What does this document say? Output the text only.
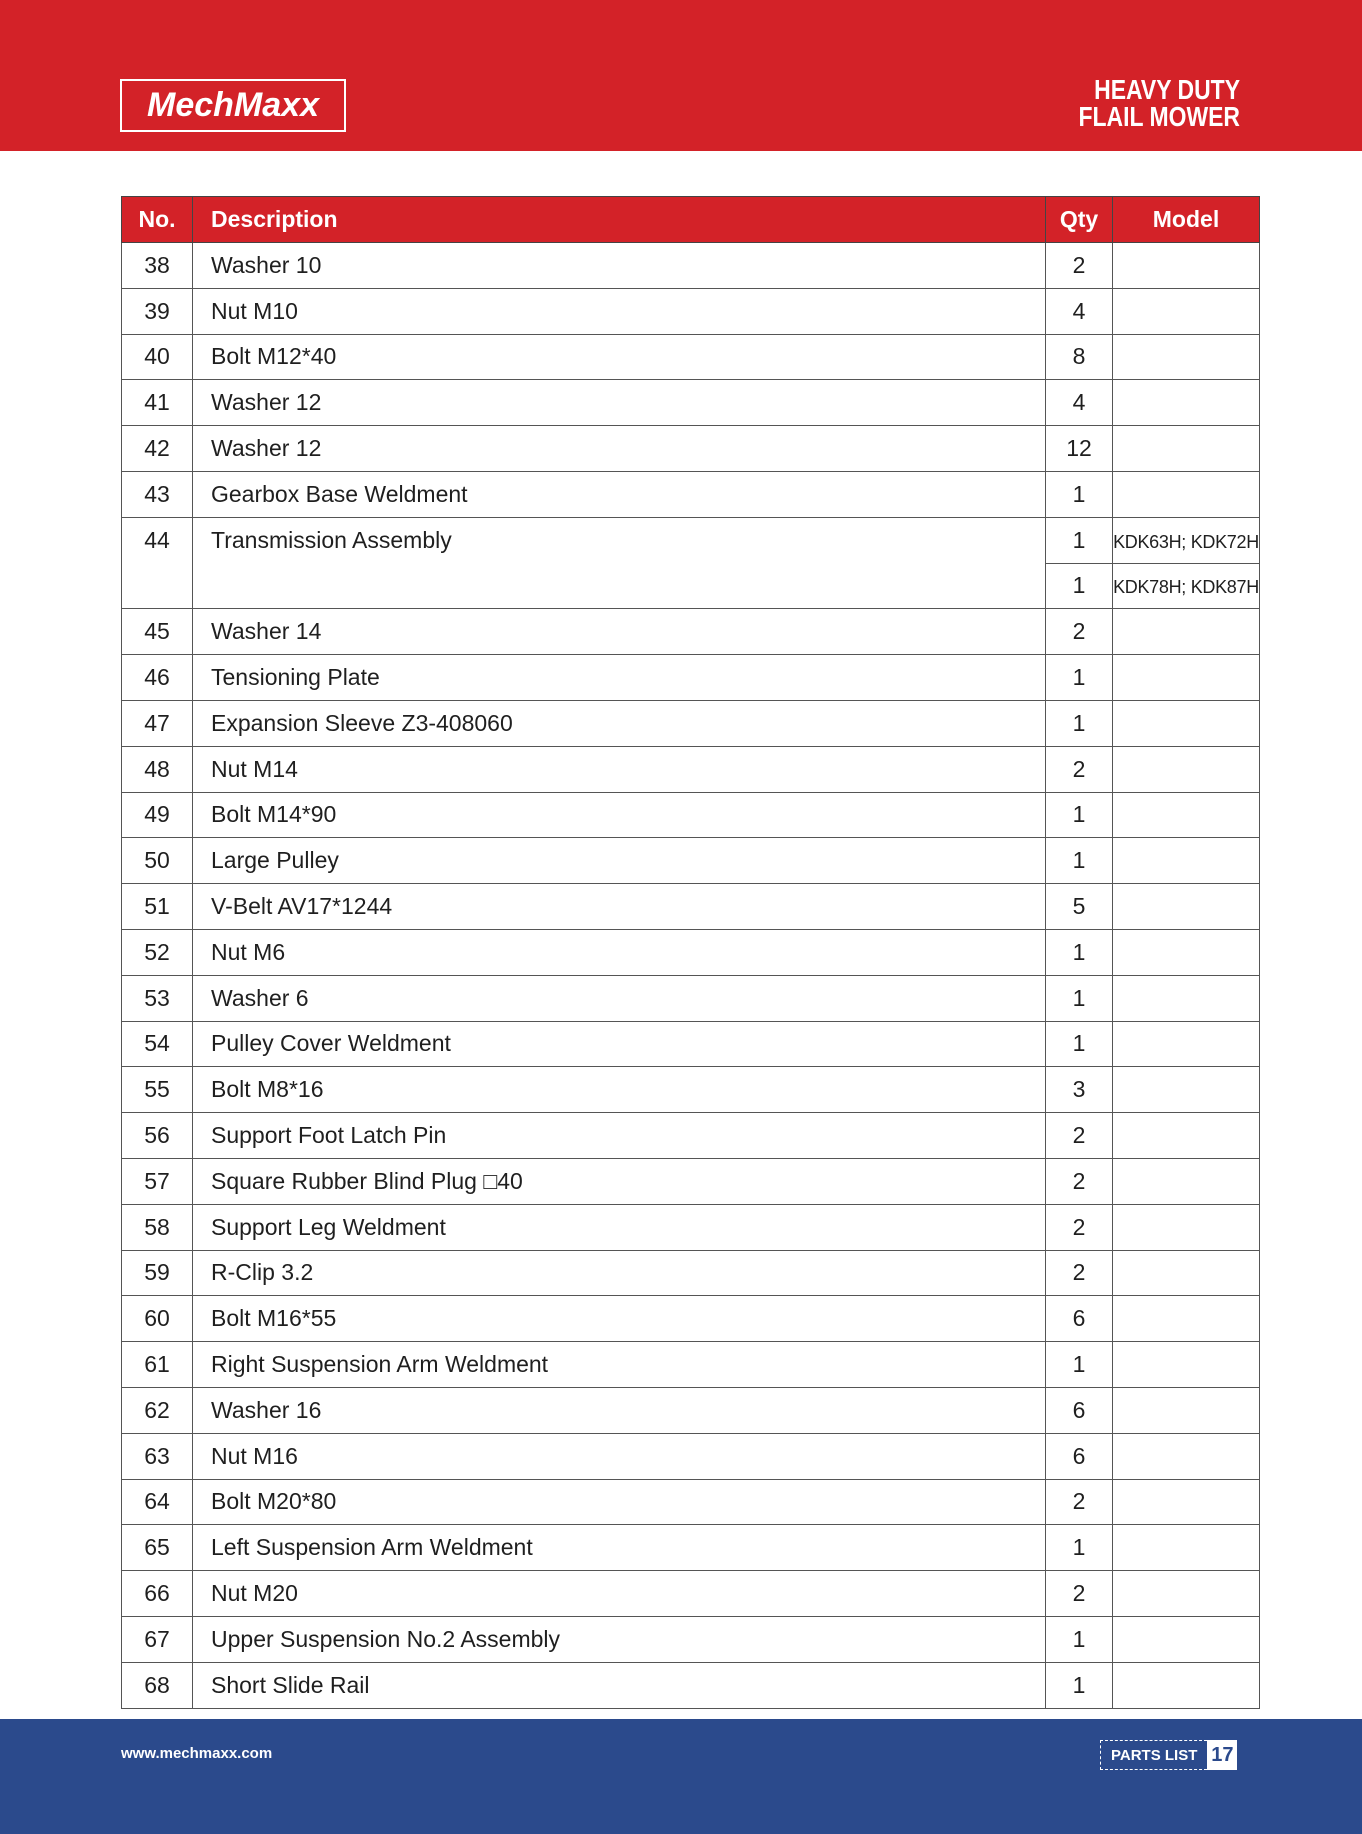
MechMaxx	HEAVY DUTY
FLAIL MOWER
No.	Description	Qty	Model
38	Washer 10	2	
39	Nut M10	4	
40	Bolt M12*40	8	
41	Washer 12	4	
42	Washer 12	12	
43	Gearbox Base Weldment	1	
44	Transmission Assembly	1	KDK63H; KDK72H
		1	KDK78H; KDK87H
45	Washer 14	2	
46	Tensioning Plate	1	
47	Expansion Sleeve Z3-408060	1	
48	Nut M14	2	
49	Bolt M14*90	1	
50	Large Pulley	1	
51	V-Belt AV17*1244	5	
52	Nut M6	1	
53	Washer 6	1	
54	Pulley Cover Weldment	1	
55	Bolt M8*16	3	
56	Support Foot Latch Pin	2	
57	Square Rubber Blind Plug □40	2	
58	Support Leg Weldment	2	
59	R-Clip 3.2	2	
60	Bolt M16*55	6	
61	Right Suspension Arm Weldment	1	
62	Washer 16	6	
63	Nut M16	6	
64	Bolt M20*80	2	
65	Left Suspension Arm Weldment	1	
66	Nut M20	2	
67	Upper Suspension No.2 Assembly	1	
68	Short Slide Rail	1	
www.mechmaxx.com	PARTS LIST 17
